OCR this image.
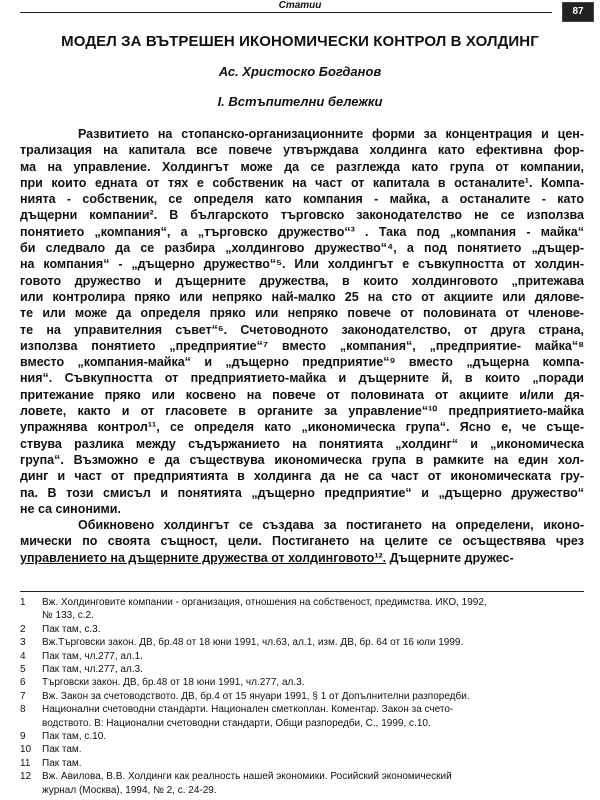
Статии
87
МОДЕЛ ЗА ВЪТРЕШЕН ИКОНОМИЧЕСКИ КОНТРОЛ В ХОЛДИНГ
Ас. Христоско Богданов
I. Встъпителни бележки
Развитието на стопанско-организационните форми за концентрация и цен-
трализация на капитала все повече утвърждава холдинга като ефективна фор-
ма на управление. Холдингът може да се разглежда като група от компании,
при които едната от тях е собственик на част от капитала в останалите¹. Компа-
нията - собственик, се определя като компания - майка, а останалите - като
дъщерни компании². В българското търговско законодателство не се използва
понятието „компания“, а „търговско дружество“³ . Така под „компания - майка“
би следвало да се разбира „холдингово дружество“⁴, а под понятието „дъщер-
на компания“ - „дъщерно дружество“⁵. Или холдингът е съвкупността от холдин-
говото дружество и дъщерните дружества, в които холдинговото „притежава
или контролира пряко или непряко най-малко 25 на сто от акциите или дялове-
те или може да определя пряко или непряко повече от половината от членове-
те на управителния съвет“⁶. Счетоводното законодателство, от друга страна,
използва понятието „предприятие“⁷ вместо „компания“, „предприятие- майка“⁸
вместо „компания-майка“ и „дъщерно предприятие“⁹ вместо „дъщерна компа-
ния“. Съвкупността от предприятието-майка и дъщерните й, в които „поради
притежание пряко или косвено на повече от половината от акциите и/или дя-
ловете, както и от гласовете в органите за управление“¹⁰ предприятието-майка
упражнява контрол¹¹, се определя като „икономическа група“. Ясно е, че съще-
ствува разлика между съдържанието на понятията „холдинг“ и „икономическа
група“. Възможно е да съществува икономическа група в рамките на един хол-
динг и част от предприятията в холдинга да не са част от икономическата гру-
па. В този смисъл и понятията „дъщерно предприятие“ и „дъщерно дружество“
не са синоними.
Обикновено холдингът се създава за постигането на определени, иконо-
мически по своята същност, цели. Постигането на целите се осъществява чрез
управлението на дъщерните дружества от холдинговото¹². Дъщерните дружес-
1	Вж. Холдинговите компании - организация, отношения на собственост, предимства. ИКО, 1992,
№ 133, с.2.
2	Пак там, с.3.
3	Вж.Търговски закон. ДВ, бр.48 от 18 юни 1991, чл.63, ал.1, изм. ДВ, бр. 64 от 16 юли 1999.
4	Пак там, чл.277, ал.1.
5	Пак там, чл.277, ал.3.
6	Търговски закон. ДВ, бр.48 от 18 юни 1991, чл.277, ал.3.
7	Вж. Закон за счетоводството. ДВ, бр.4 от 15 януари 1991, § 1 от Допълнителни разпоредби.
8	Национални счетоводни стандарти. Национален сметкоплан. Коментар. Закон за счето-
водството. В: Национални счетоводни стандарти, Общи разпоредби, С., 1999, с.10.
9	Пак там, с.10.
10	Пак там.
11	Пак там.
12	Вж. Авилова, В.В. Холдинги как реалность нашей экономики. Росийский экономический
журнал (Москва), 1994, № 2, с. 24-29.
